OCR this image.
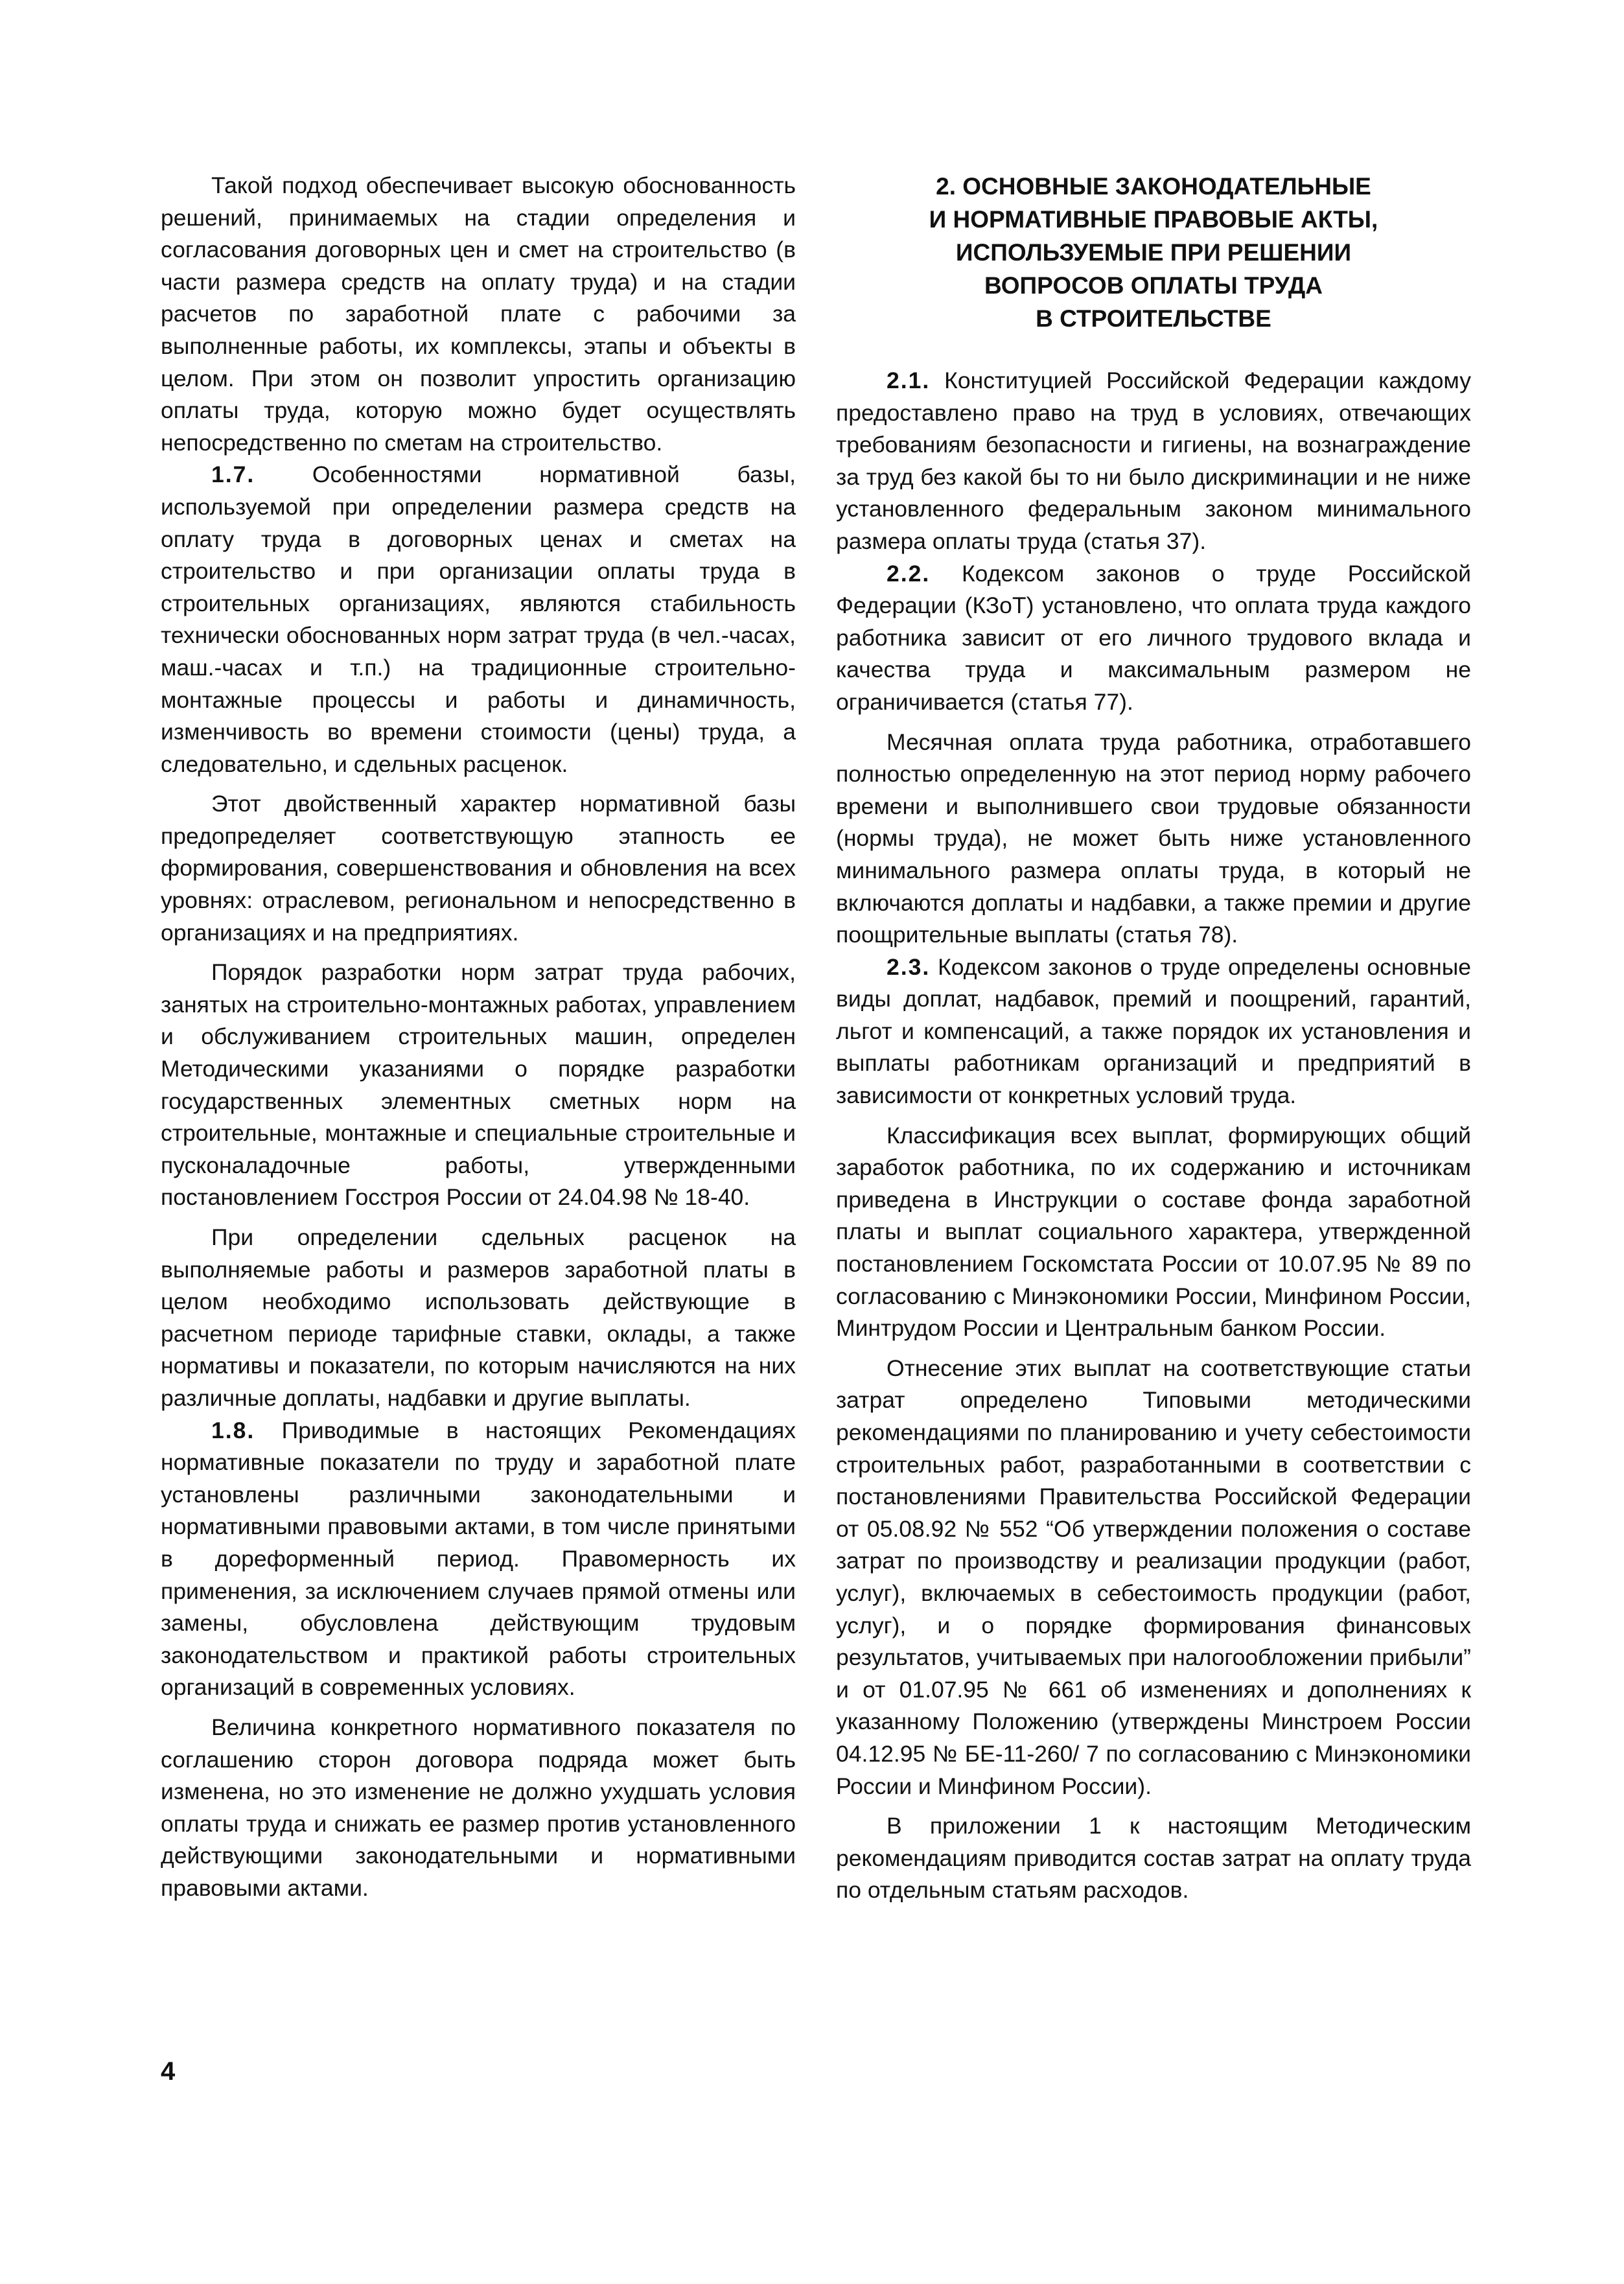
Такой подход обеспечивает высокую обоснованность решений, принимаемых на стадии определения и согласования договорных цен и смет на строительство (в части размера средств на оплату труда) и на стадии расчетов по заработной плате с рабочими за выполненные работы, их комплексы, этапы и объекты в целом. При этом он позволит упростить организацию оплаты труда, которую можно будет осуществлять непосредственно по сметам на строительство.

1.7. Особенностями нормативной базы, используемой при определении размера средств на оплату труда в договорных ценах и сметах на строительство и при организации оплаты труда в строительных организациях, являются стабильность технически обоснованных норм затрат труда (в чел.-часах, маш.-часах и т.п.) на традиционные строительно-монтажные процессы и работы и динамичность, изменчивость во времени стоимости (цены) труда, а следовательно, и сдельных расценок.

Этот двойственный характер нормативной базы предопределяет соответствующую этапность ее формирования, совершенствования и обновления на всех уровнях: отраслевом, региональном и непосредственно в организациях и на предприятиях.

Порядок разработки норм затрат труда рабочих, занятых на строительно-монтажных работах, управлением и обслуживанием строительных машин, определен Методическими указаниями о порядке разработки государственных элементных сметных норм на строительные, монтажные и специальные строительные и пусконаладочные работы, утвержденными постановлением Госстроя России от 24.04.98 № 18-40.

При определении сдельных расценок на выполняемые работы и размеров заработной платы в целом необходимо использовать действующие в расчетном периоде тарифные ставки, оклады, а также нормативы и показатели, по которым начисляются на них различные доплаты, надбавки и другие выплаты.

1.8. Приводимые в настоящих Рекомендациях нормативные показатели по труду и заработной плате установлены различными законодательными и нормативными правовыми актами, в том числе принятыми в дореформенный период. Правомерность их применения, за исключением случаев прямой отмены или замены, обусловлена действующим трудовым законодательством и практикой работы строительных организаций в современных условиях.

Величина конкретного нормативного показателя по соглашению сторон договора подряда может быть изменена, но это изменение не должно ухудшать условия оплаты труда и снижать ее размер против установленного действующими законодательными и нормативными правовыми актами.

2. ОСНОВНЫЕ ЗАКОНОДАТЕЛЬНЫЕ
И НОРМАТИВНЫЕ ПРАВОВЫЕ АКТЫ,
ИСПОЛЬЗУЕМЫЕ ПРИ РЕШЕНИИ
ВОПРОСОВ ОПЛАТЫ ТРУДА
В СТРОИТЕЛЬСТВЕ

2.1. Конституцией Российской Федерации каждому предоставлено право на труд в условиях, отвечающих требованиям безопасности и гигиены, на вознаграждение за труд без какой бы то ни было дискриминации и не ниже установленного федеральным законом минимального размера оплаты труда (статья 37).

2.2. Кодексом законов о труде Российской Федерации (КЗоТ) установлено, что оплата труда каждого работника зависит от его личного трудового вклада и качества труда и максимальным размером не ограничивается (статья 77).

Месячная оплата труда работника, отработавшего полностью определенную на этот период норму рабочего времени и выполнившего свои трудовые обязанности (нормы труда), не может быть ниже установленного минимального размера оплаты труда, в который не включаются доплаты и надбавки, а также премии и другие поощрительные выплаты (статья 78).

2.3. Кодексом законов о труде определены основные виды доплат, надбавок, премий и поощрений, гарантий, льгот и компенсаций, а также порядок их установления и выплаты работникам организаций и предприятий в зависимости от конкретных условий труда.

Классификация всех выплат, формирующих общий заработок работника, по их содержанию и источникам приведена в Инструкции о составе фонда заработной платы и выплат социального характера, утвержденной постановлением Госкомстата России от 10.07.95 № 89 по согласованию с Минэкономики России, Минфином России, Минтрудом России и Центральным банком России.

Отнесение этих выплат на соответствующие статьи затрат определено Типовыми методическими рекомендациями по планированию и учету себестоимости строительных работ, разработанными в соответствии с постановлениями Правительства Российской Федерации от 05.08.92 № 552 “Об утверждении положения о составе затрат по производству и реализации продукции (работ, услуг), включаемых в себестоимость продукции (работ, услуг), и о порядке формирования финансовых результатов, учитываемых при налогообложении прибыли” и от 01.07.95 № 661 об изменениях и дополнениях к указанному Положению (утверждены Минстроем России 04.12.95 № БЕ-11-260/ 7 по согласованию с Минэкономики России и Минфином России).

В приложении 1 к настоящим Методическим рекомендациям приводится состав затрат на оплату труда по отдельным статьям расходов.

4
